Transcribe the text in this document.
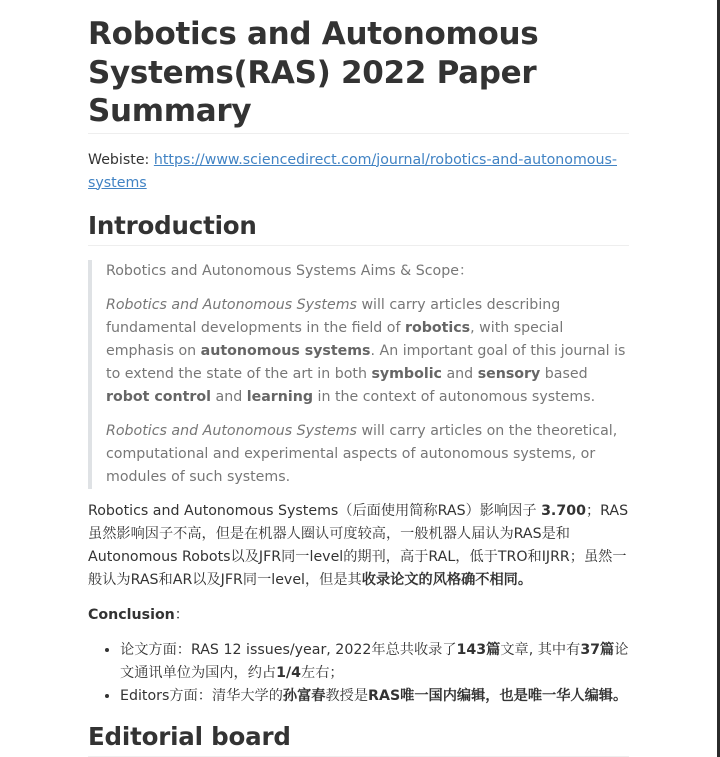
Robotics and Autonomous Systems(RAS) 2022 Paper Summary

Webiste: https://www.sciencedirect.com/journal/robotics-and-autonomous-systems

Introduction

Robotics and Autonomous Systems Aims & Scope：

Robotics and Autonomous Systems will carry articles describing fundamental developments in the field of robotics, with special emphasis on autonomous systems. An important goal of this journal is to extend the state of the art in both symbolic and sensory based robot control and learning in the context of autonomous systems.

Robotics and Autonomous Systems will carry articles on the theoretical, computational and experimental aspects of autonomous systems, or modules of such systems.

Robotics and Autonomous Systems（后面使用简称RAS）影响因子 3.700；RAS虽然影响因子不高，但是在机器人圈认可度较高，一般机器人届认为RAS是和Autonomous Robots以及JFR同一level的期刊，高于RAL，低于TRO和IJRR；虽然一般认为RAS和AR以及JFR同一level，但是其收录论文的风格确不相同。

Conclusion：

• 论文方面：RAS 12 issues/year, 2022年总共收录了143篇文章, 其中有37篇论文通讯单位为国内，约占1/4左右；
• Editors方面：清华大学的孙富春教授是RAS唯一国内编辑，也是唯一华人编辑。
Editorial board
